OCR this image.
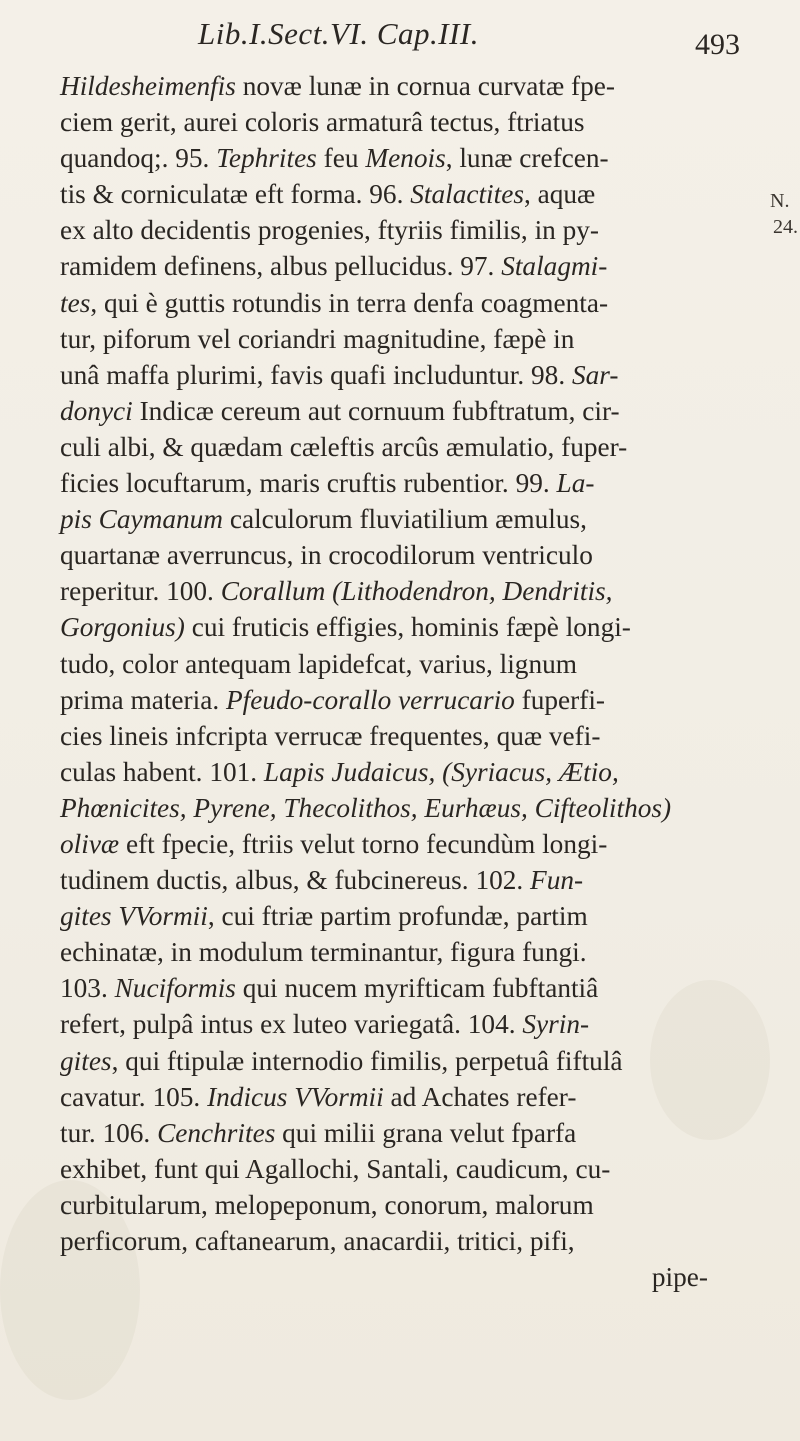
Lib.I.Sect.VI. Cap.III.	493
N.
24.
Hildesheimenfis novæ lunæ in cornua curvatæ fpe-
ciem gerit, aurei coloris armaturâ tectus, ftriatus
quandoq;. 95. Tephrites feu Menois, lunæ crefcen-
tis & corniculatæ eft forma. 96. Stalactites, aquæ
ex alto decidentis progenies, ftyriis fimilis, in py-
ramidem definens, albus pellucidus. 97. Stalagmi-
tes, qui è guttis rotundis in terra denfa coagmenta-
tur, piforum vel coriandri magnitudine, fæpè in
unâ maffa plurimi, favis quafi includuntur. 98. Sar-
donyci Indicæ cereum aut cornuum fubftratum, cir-
culi albi, & quædam cæleftis arcûs æmulatio, fuper-
ficies locuftarum, maris cruftis rubentior. 99. La-
pis Caymanum calculorum fluviatilium æmulus,
quartanæ averruncus, in crocodilorum ventriculo
reperitur. 100. Corallum (Lithodendron, Dendritis,
Gorgonius) cui fruticis effigies, hominis fæpè longi-
tudo, color antequam lapidefcat, varius, lignum
prima materia. Pfeudo-corallo verrucario fuperfi-
cies lineis infcripta verrucæ frequentes, quæ vefi-
culas habent. 101. Lapis Judaicus, (Syriacus, Ætio,
Phœnicites, Pyrene, Thecolithos, Eurhæus, Cifteolithos)
olivæ eft fpecie, ftriis velut torno fecundùm longi-
tudinem ductis, albus, & fubcinereus. 102. Fun-
gites VVormii, cui ftriæ partim profundæ, partim
echinatæ, in modulum terminantur, figura fungi.
103. Nuciformis qui nucem myrifticam fubftantiâ
refert, pulpâ intus ex luteo variegatâ. 104. Syrin-
gites, qui ftipulæ internodio fimilis, perpetuâ fiftulâ
cavatur. 105. Indicus VVormii ad Achates refer-
tur. 106. Cenchrites qui milii grana velut fparfa
exhibet, funt qui Agallochi, Santali, caudicum, cu-
curbitularum, melopeponum, conorum, malorum
perficorum, caftanearum, anacardii, tritici, pifi,
pipe-
